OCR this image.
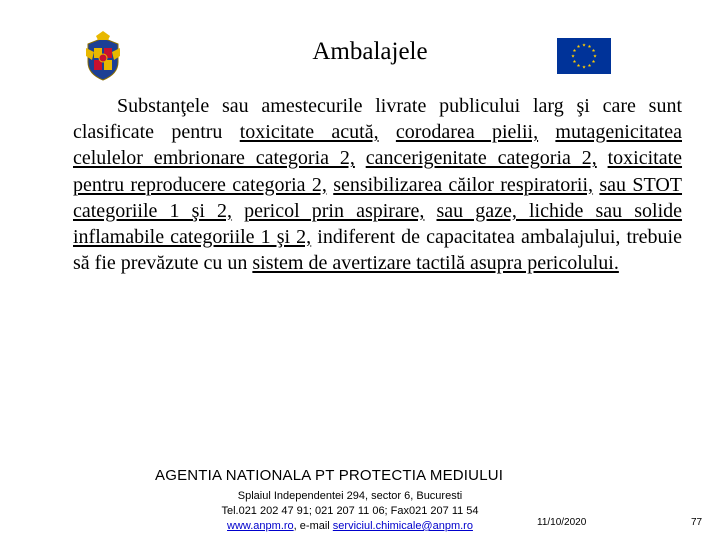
Ambalajele
Substanţele sau amestecurile livrate publicului larg şi care sunt clasificate pentru toxicitate acută, corodarea pielii, mutagenicitatea celulelor embrionare categoria 2, cancerigenitate categoria 2, toxicitate pentru reproducere categoria 2, sensibilizarea căilor respiratorii, sau STOT categoriile 1 şi 2, pericol prin aspirare, sau gaze, lichide sau solide inflamabile categoriile 1 şi 2, indiferent de capacitatea ambalajului, trebuie să fie prevăzute cu un sistem de avertizare tactilă asupra pericolului.
AGENTIA NATIONALA PT PROTECTIA MEDIULUI
Splaiul Independentei 294, sector 6, Bucuresti
Tel.021 202 47 91; 021 207 11 06; Fax021 207 11 54
www.anpm.ro, e-mail serviciul.chimicale@anpm.ro	11/10/2020	77
